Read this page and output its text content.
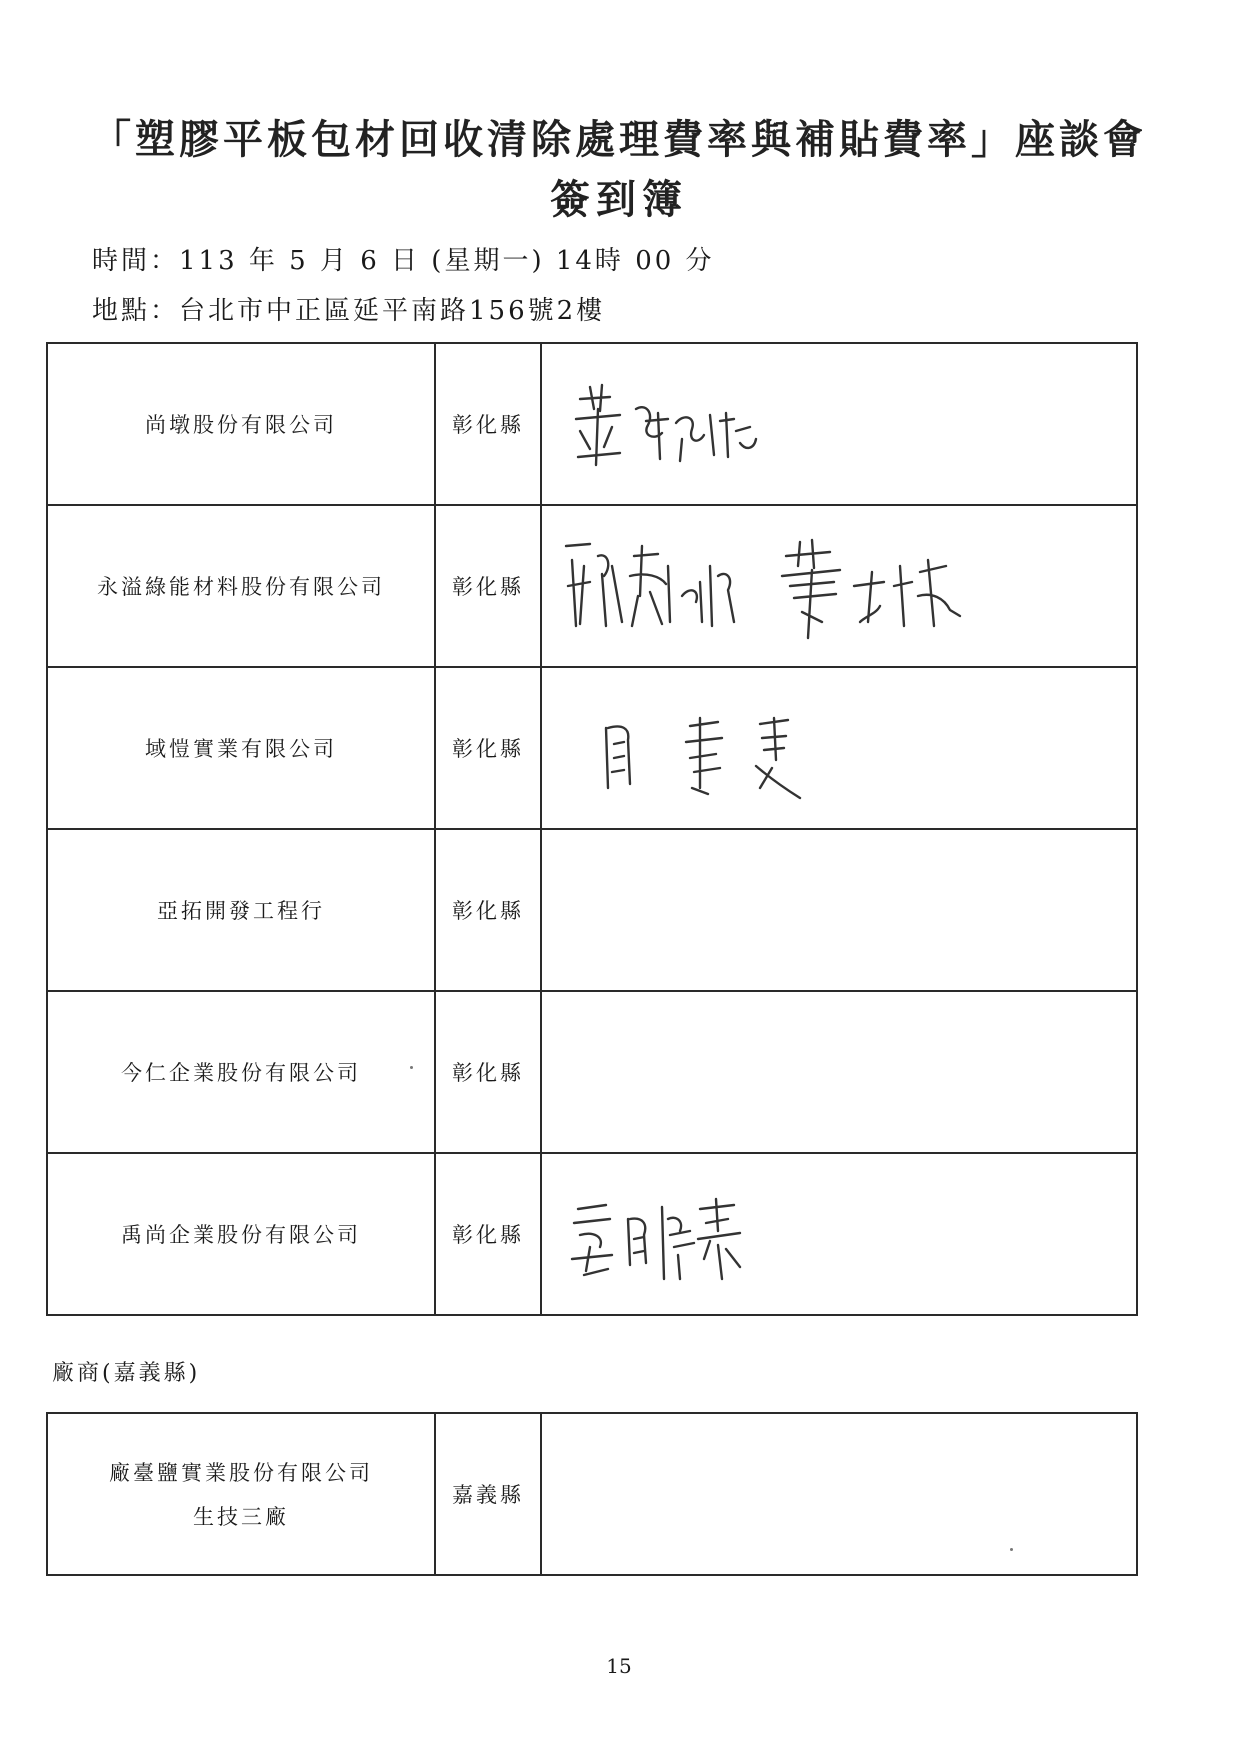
「塑膠平板包材回收清除處理費率與補貼費率」座談會
簽到簿
時間：113 年 5 月 6 日 (星期一) 14時 00 分
地點：台北市中正區延平南路156號2樓
尚墩股份有限公司	彰化縣	

永溢綠能材料股份有限公司	彰化縣	

域愷實業有限公司	彰化縣	

亞拓開發工程行	彰化縣	
今仁企業股份有限公司	彰化縣	
禹尚企業股份有限公司	彰化縣	
廠商(嘉義縣)
廠臺鹽實業股份有限公司
生技三廠
	嘉義縣	
15
